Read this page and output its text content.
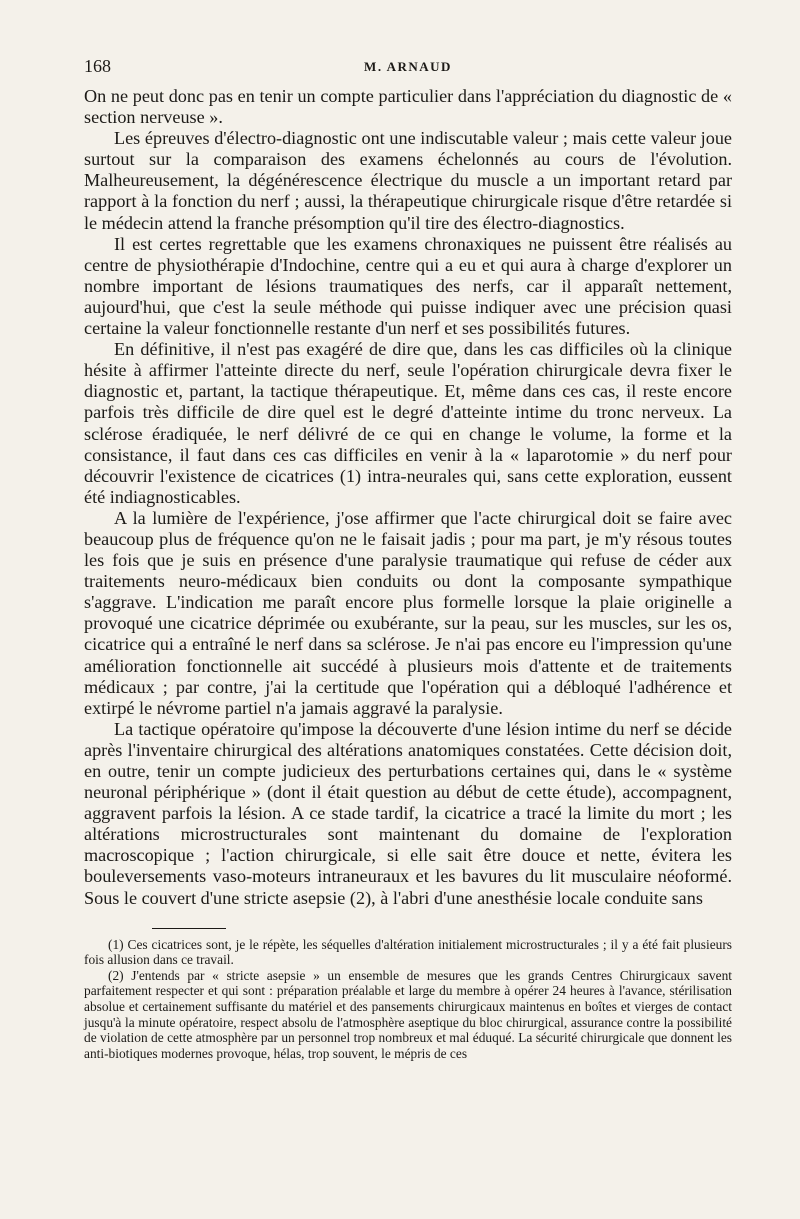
168	M. ARNAUD

On ne peut donc pas en tenir un compte particulier dans l'appréciation du diagnostic de « section nerveuse ».

Les épreuves d'électro-diagnostic ont une indiscutable valeur ; mais cette valeur joue surtout sur la comparaison des examens échelonnés au cours de l'évolution. Malheureusement, la dégénérescence électrique du muscle a un important retard par rapport à la fonction du nerf ; aussi, la thérapeutique chirurgicale risque d'être retardée si le médecin attend la franche présomption qu'il tire des électro-diagnostics.

Il est certes regrettable que les examens chronaxiques ne puissent être réalisés au centre de physiothérapie d'Indochine, centre qui a eu et qui aura à charge d'explorer un nombre important de lésions traumatiques des nerfs, car il apparaît nettement, aujourd'hui, que c'est la seule méthode qui puisse indiquer avec une précision quasi certaine la valeur fonctionnelle restante d'un nerf et ses possibilités futures.

En définitive, il n'est pas exagéré de dire que, dans les cas difficiles où la clinique hésite à affirmer l'atteinte directe du nerf, seule l'opération chirurgicale devra fixer le diagnostic et, partant, la tactique thérapeutique. Et, même dans ces cas, il reste encore parfois très difficile de dire quel est le degré d'atteinte intime du tronc nerveux. La sclérose éradiquée, le nerf délivré de ce qui en change le volume, la forme et la consistance, il faut dans ces cas difficiles en venir à la « laparotomie » du nerf pour découvrir l'existence de cicatrices (1) intra-neurales qui, sans cette exploration, eussent été indiagnosticables.

A la lumière de l'expérience, j'ose affirmer que l'acte chirurgical doit se faire avec beaucoup plus de fréquence qu'on ne le faisait jadis ; pour ma part, je m'y résous toutes les fois que je suis en présence d'une paralysie traumatique qui refuse de céder aux traitements neuro-médicaux bien conduits ou dont la composante sympathique s'aggrave. L'indication me paraît encore plus formelle lorsque la plaie originelle a provoqué une cicatrice déprimée ou exubérante, sur la peau, sur les muscles, sur les os, cicatrice qui a entraîné le nerf dans sa sclérose. Je n'ai pas encore eu l'impression qu'une amélioration fonctionnelle ait succédé à plusieurs mois d'attente et de traitements médicaux ; par contre, j'ai la certitude que l'opération qui a débloqué l'adhérence et extirpé le névrome partiel n'a jamais aggravé la paralysie.

La tactique opératoire qu'impose la découverte d'une lésion intime du nerf se décide après l'inventaire chirurgical des altérations anatomiques constatées. Cette décision doit, en outre, tenir un compte judicieux des perturbations certaines qui, dans le « système neuronal périphérique » (dont il était question au début de cette étude), accompagnent, aggravent parfois la lésion. A ce stade tardif, la cicatrice a tracé la limite du mort ; les altérations microstructurales sont maintenant du domaine de l'exploration macroscopique ; l'action chirurgicale, si elle sait être douce et nette, évitera les bouleversements vaso-moteurs intraneuraux et les bavures du lit musculaire néoformé. Sous le couvert d'une stricte asepsie (2), à l'abri d'une anesthésie locale conduite sans

(1) Ces cicatrices sont, je le répète, les séquelles d'altération initialement microstructurales ; il y a été fait plusieurs fois allusion dans ce travail.

(2) J'entends par « stricte asepsie » un ensemble de mesures que les grands Centres Chirurgicaux savent parfaitement respecter et qui sont : préparation préalable et large du membre à opérer 24 heures à l'avance, stérilisation absolue et certainement suffisante du matériel et des pansements chirurgicaux maintenus en boîtes et vierges de contact jusqu'à la minute opératoire, respect absolu de l'atmosphère aseptique du bloc chirurgical, assurance contre la possibilité de violation de cette atmosphère par un personnel trop nombreux et mal éduqué. La sécurité chirurgicale que donnent les anti-biotiques modernes provoque, hélas, trop souvent, le mépris de ces
